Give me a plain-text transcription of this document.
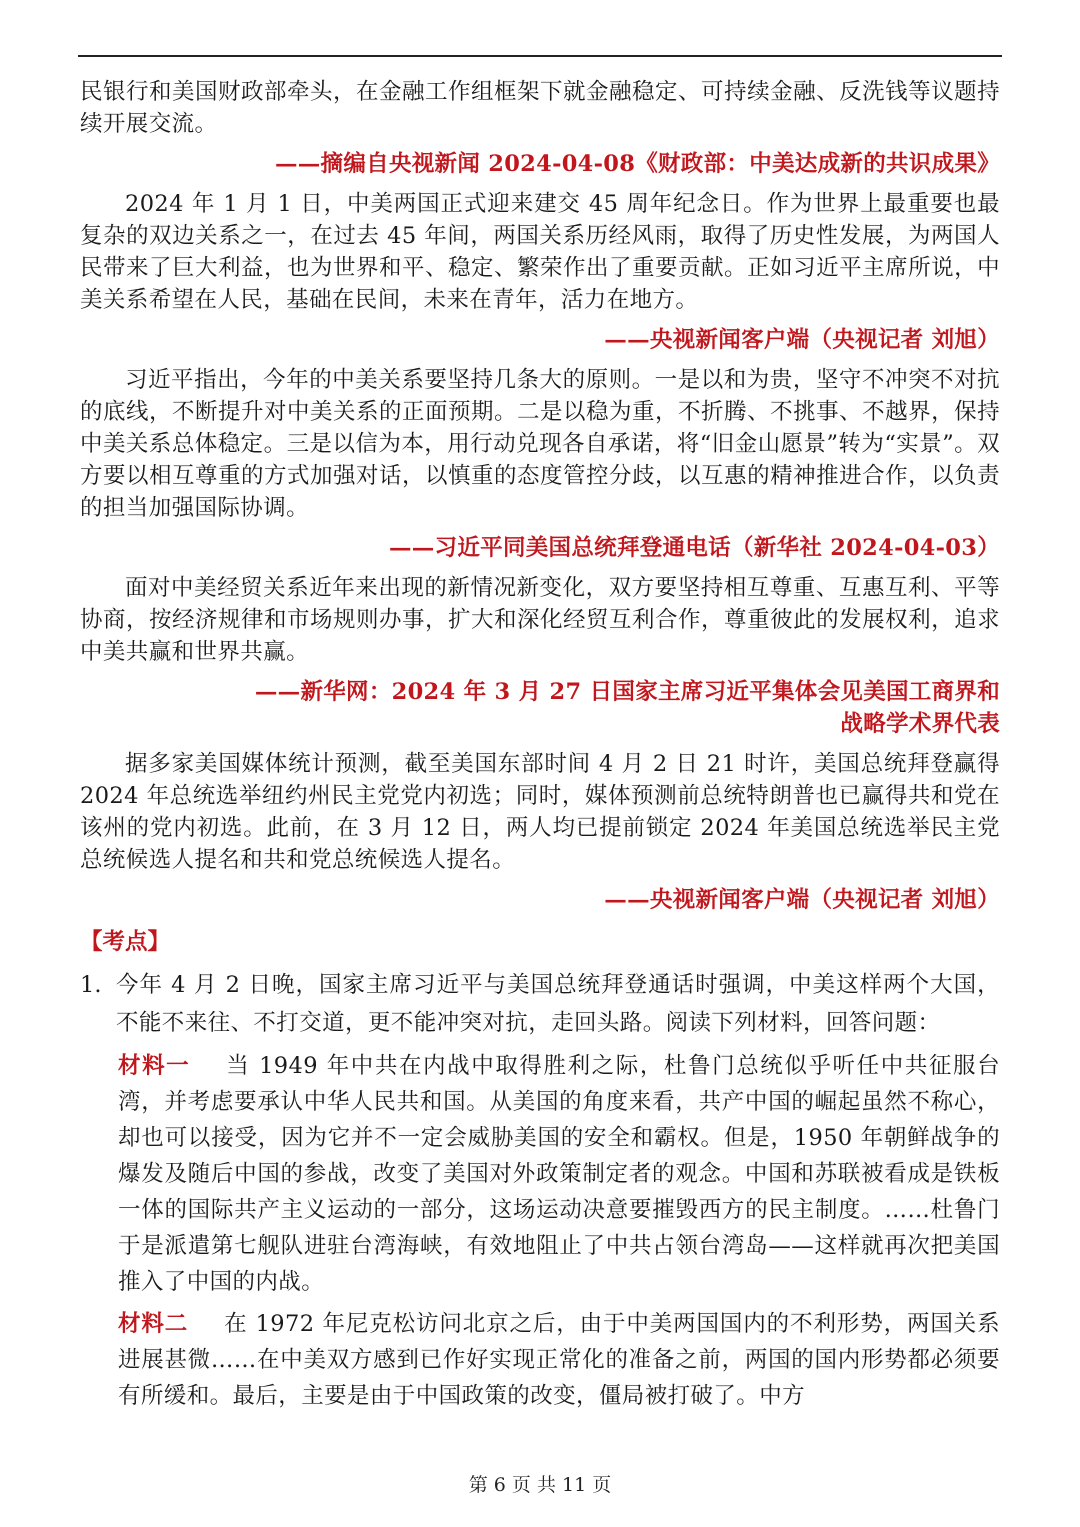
民银行和美国财政部牵头，在金融工作组框架下就金融稳定、可持续金融、反洗钱等议题持续开展交流。

——摘编自央视新闻 2024-04-08《财政部：中美达成新的共识成果》

2024 年 1 月 1 日，中美两国正式迎来建交 45 周年纪念日。作为世界上最重要也最复杂的双边关系之一，在过去 45 年间，两国关系历经风雨，取得了历史性发展，为两国人民带来了巨大利益，也为世界和平、稳定、繁荣作出了重要贡献。正如习近平主席所说，中美关系希望在人民，基础在民间，未来在青年，活力在地方。

——央视新闻客户端（央视记者 刘旭）

习近平指出，今年的中美关系要坚持几条大的原则。一是以和为贵，坚守不冲突不对抗的底线，不断提升对中美关系的正面预期。二是以稳为重，不折腾、不挑事、不越界，保持中美关系总体稳定。三是以信为本，用行动兑现各自承诺，将“旧金山愿景”转为“实景”。双方要以相互尊重的方式加强对话，以慎重的态度管控分歧，以互惠的精神推进合作，以负责的担当加强国际协调。

——习近平同美国总统拜登通电话（新华社 2024-04-03）

面对中美经贸关系近年来出现的新情况新变化，双方要坚持相互尊重、互惠互利、平等协商，按经济规律和市场规则办事，扩大和深化经贸互利合作，尊重彼此的发展权利，追求中美共赢和世界共赢。

——新华网：2024 年 3 月 27 日国家主席习近平集体会见美国工商界和战略学术界代表

据多家美国媒体统计预测，截至美国东部时间 4 月 2 日 21 时许，美国总统拜登赢得 2024 年总统选举纽约州民主党党内初选；同时，媒体预测前总统特朗普也已赢得共和党在该州的党内初选。此前，在 3 月 12 日，两人均已提前锁定 2024 年美国总统选举民主党总统候选人提名和共和党总统候选人提名。

——央视新闻客户端（央视记者 刘旭）

【考点】

1. 今年 4 月 2 日晚，国家主席习近平与美国总统拜登通话时强调，中美这样两个大国，不能不来往、不打交道，更不能冲突对抗，走回头路。阅读下列材料，回答问题：

材料一 当 1949 年中共在内战中取得胜利之际，杜鲁门总统似乎听任中共征服台湾，并考虑要承认中华人民共和国。从美国的角度来看，共产中国的崛起虽然不称心，却也可以接受，因为它并不一定会威胁美国的安全和霸权。但是，1950 年朝鲜战争的爆发及随后中国的参战，改变了美国对外政策制定者的观念。中国和苏联被看成是铁板一体的国际共产主义运动的一部分，这场运动决意要摧毁西方的民主制度。……杜鲁门于是派遣第七舰队进驻台湾海峡，有效地阻止了中共占领台湾岛——这样就再次把美国推入了中国的内战。

材料二 在 1972 年尼克松访问北京之后，由于中美两国国内的不利形势，两国关系进展甚微……在中美双方感到已作好实现正常化的准备之前，两国的国内形势都必须要有所缓和。最后，主要是由于中国政策的改变，僵局被打破了。中方

第 6 页 共 11 页
